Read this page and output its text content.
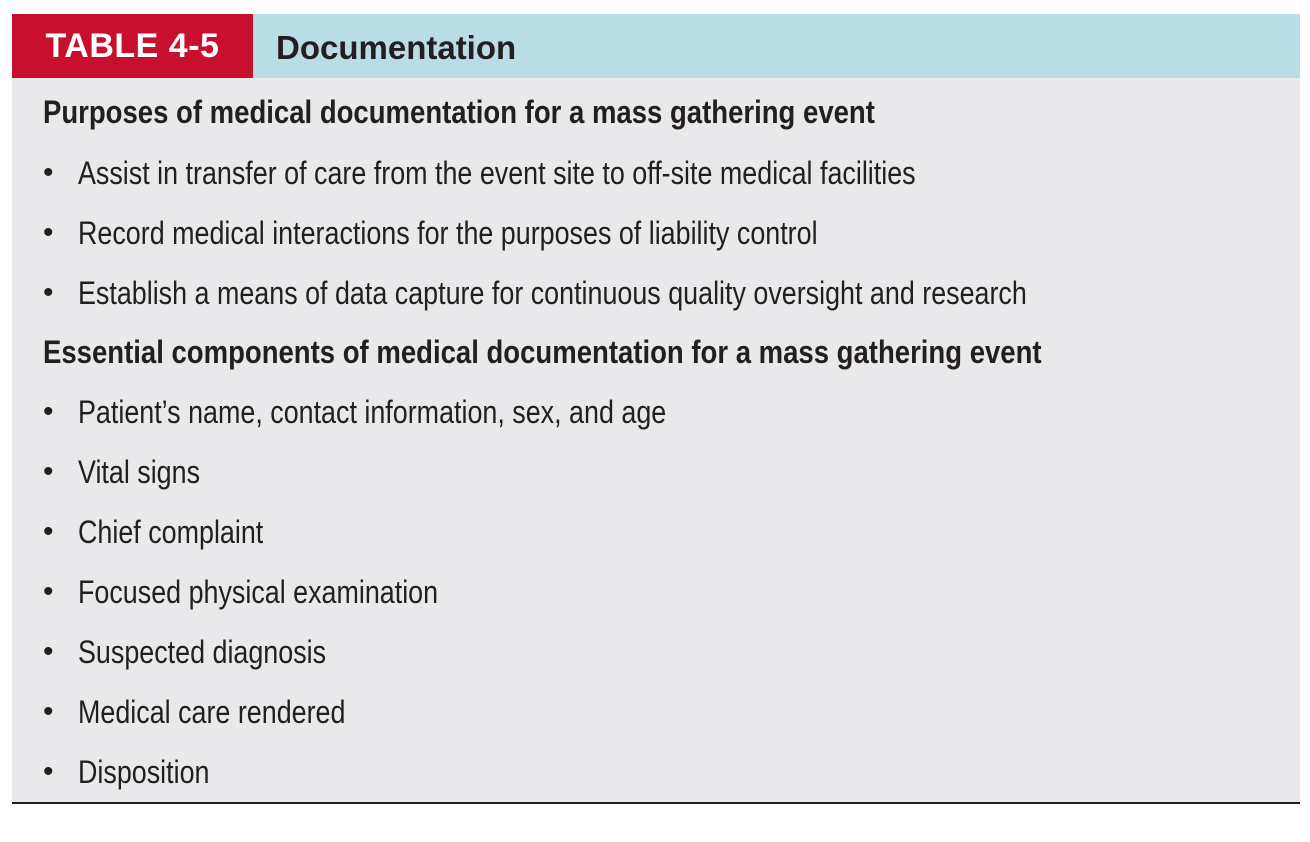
TABLE 4-5	Documentation
Purposes of medical documentation for a mass gathering event
• Assist in transfer of care from the event site to off-site medical facilities
• Record medical interactions for the purposes of liability control
• Establish a means of data capture for continuous quality oversight and research
Essential components of medical documentation for a mass gathering event
• Patient’s name, contact information, sex, and age
• Vital signs
• Chief complaint
• Focused physical examination
• Suspected diagnosis
• Medical care rendered
• Disposition
